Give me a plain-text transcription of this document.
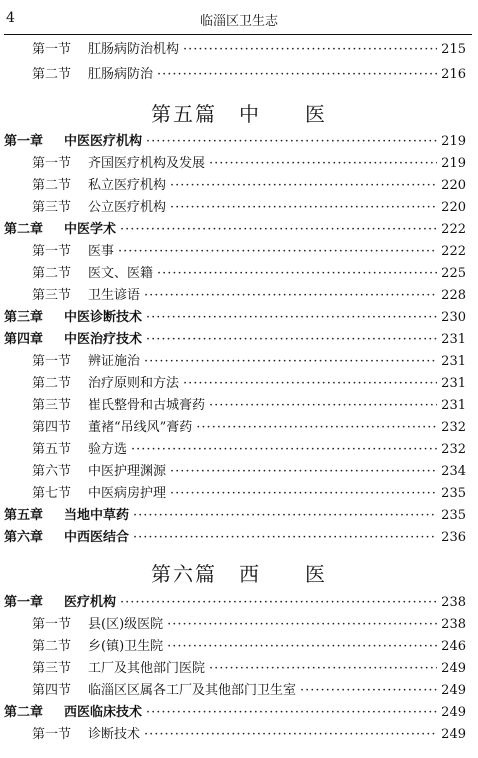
4	临淄区卫生志
第一节	肛肠病防治机构 ·····	215
第二节	肛肠病防治 ·····	216
第五篇　中　　医
第一章	中医医疗机构 ·····	219
第一节	齐国医疗机构及发展 ·····	219
第二节	私立医疗机构 ·····	220
第三节	公立医疗机构 ·····	220
第二章	中医学术 ·····	222
第一节	医事 ·····	222
第二节	医文、医籍 ·····	225
第三节	卫生谚语 ·····	228
第三章	中医诊断技术 ·····	230
第四章	中医治疗技术 ·····	231
第一节	辨证施治 ·····	231
第二节	治疗原则和方法 ·····	231
第三节	崔氏整骨和古城膏药 ·····	231
第四节	董褚“吊线风”膏药 ·····	232
第五节	验方选 ·····	232
第六节	中医护理渊源 ·····	234
第七节	中医病房护理 ·····	235
第五章	当地中草药 ·····	235
第六章	中西医结合 ·····	236
第六篇　西　　医
第一章	医疗机构 ·····	238
第一节	县(区)级医院 ·····	238
第二节	乡(镇)卫生院 ·····	246
第三节	工厂及其他部门医院 ·····	249
第四节	临淄区区属各工厂及其他部门卫生室 ·····	249
第二章	西医临床技术 ·····	249
第一节	诊断技术 ·····	249
